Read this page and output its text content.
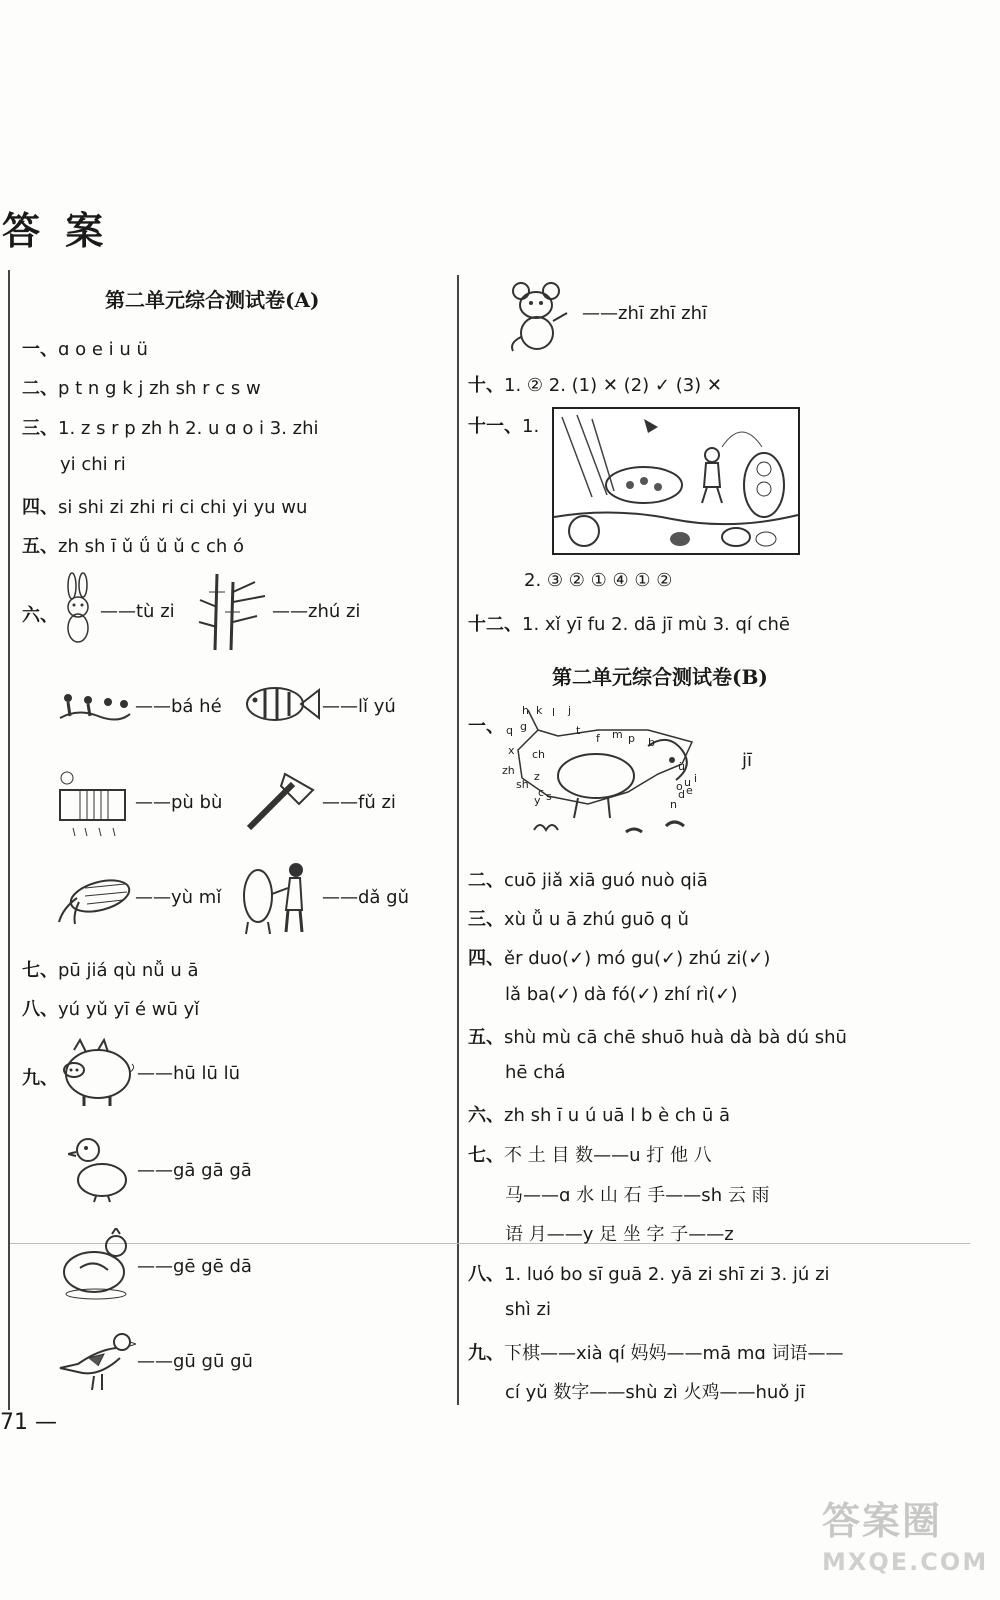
答 案
第二单元综合测试卷(A)
一、ɑ o e i u ü
二、p t n g k j zh sh r c s w
三、1. z s r p zh h 2. u ɑ o i 3. zhi
yi chi ri
四、si shi zi zhi ri ci chi yi yu wu
五、zh sh ī ǔ ǘ ǔ ǔ c ch ó
六、 ——tù zi	——zhú zi
——bá hé	——lǐ yú
——pù bù	——fǔ zi
——yù mǐ	——dǎ gǔ
七、pū jiá qù nǚ u ā
八、yú yǔ yī é wū yǐ
九、	——hū lū lū
——gā gā gā
——gē gē dā
——gū gū gū
——zhī zhī zhī
十、1. ② 2. (1) ✕ (2) ✓ (3) ✕
十一、1.
2. ③ ② ① ④ ① ②
十二、1. xǐ yī fu 2. dā jī mù 3. qí chē
第二单元综合测试卷(B)
一、
h k l j
g
q
x ch
zh
sh
z
c s
y
t
f m p b
d
n
ü
i
u
e
o
jī
二、cuō jiǎ xiā guó nuò qiā
三、xù ǚ u ā zhú guō q ǔ
四、ěr duo(✓) mó gu(✓) zhú zi(✓)
lǎ ba(✓) dà fó(✓) zhí rì(✓)
五、shù mù cā chē shuō huà dà bà dú shū
hē chá
六、zh sh ī u ú uā l b è ch ū ā
七、不 土 目 数——u 打 他 八
马——ɑ 水 山 石 手——sh 云 雨
语 月——y 足 坐 字 子——z
八、1. luó bo sī guā 2. yā zi shī zi 3. jú zi
shì zi
九、下棋——xià qí 妈妈——mā mɑ 词语——
cí yǔ 数字——shù zì 火鸡——huǒ jī
71 —
答案圈
MXQE.COM
